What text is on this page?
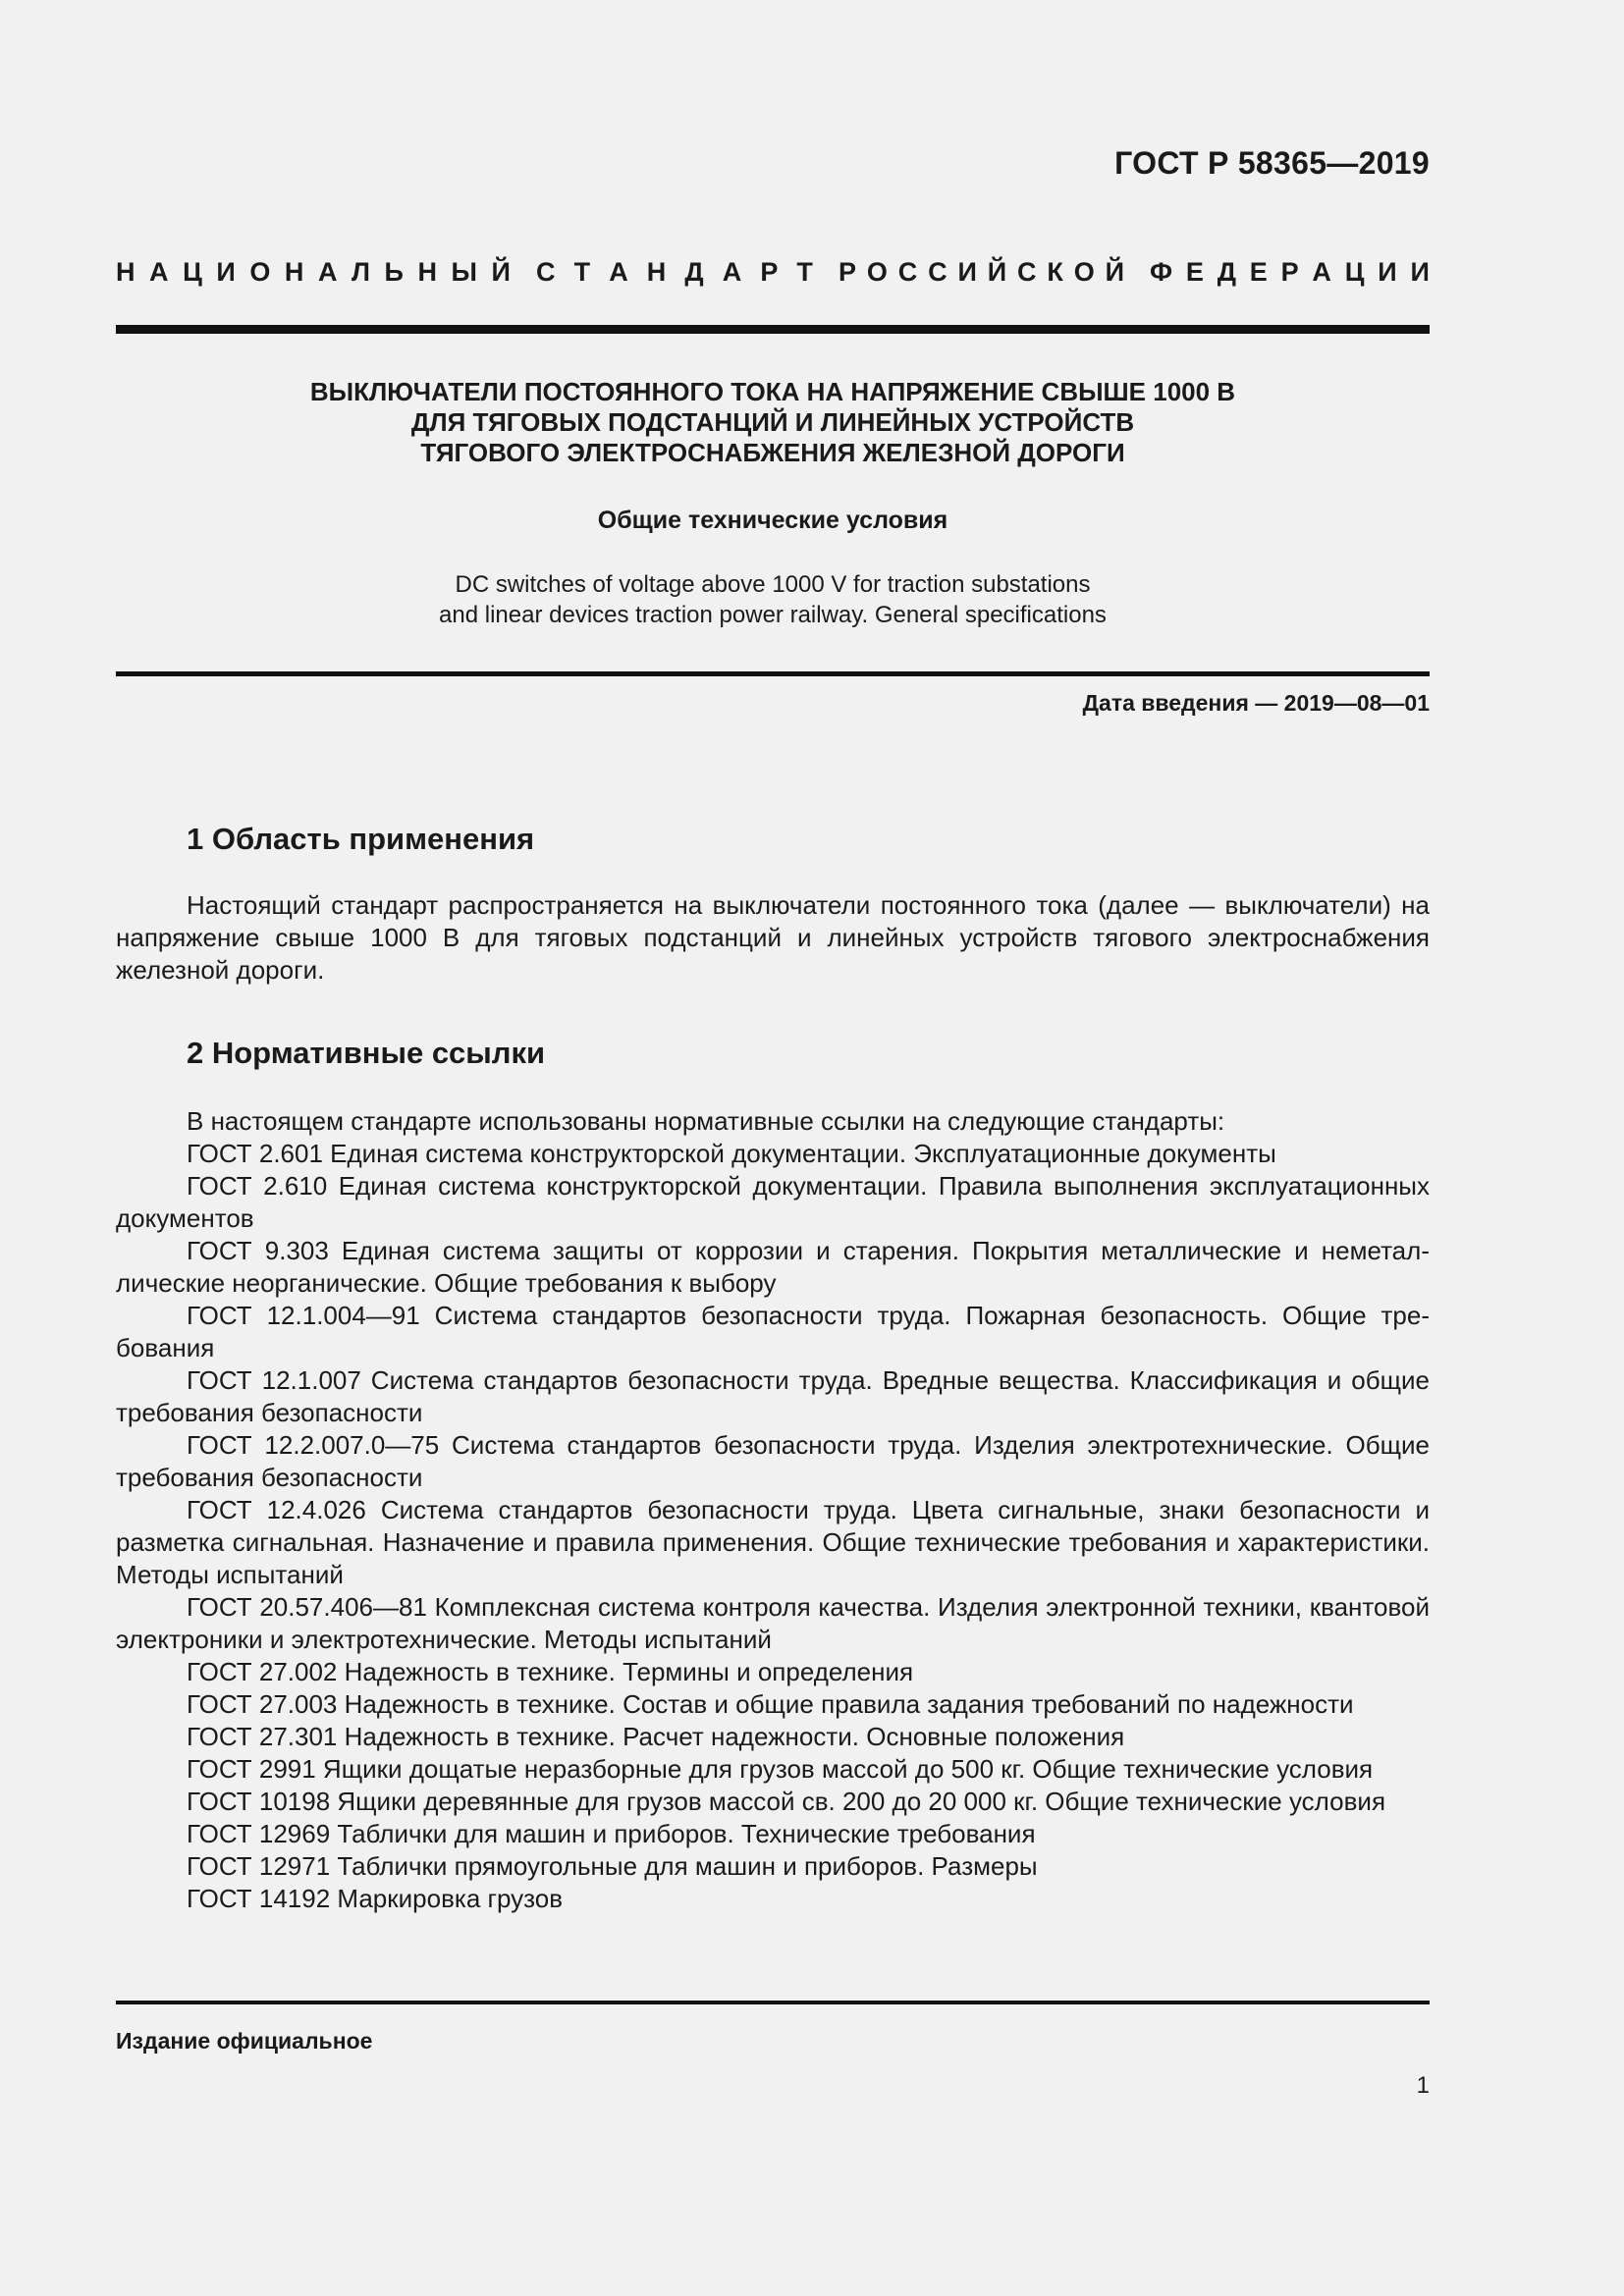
ГОСТ Р 58365—2019
Н А Ц И О Н А Л Ь Н Ы Й С Т А Н Д А Р Т Р О С С И Й С К О Й Ф Е Д Е Р А Ц И И
ВЫКЛЮЧАТЕЛИ ПОСТОЯННОГО ТОКА НА НАПРЯЖЕНИЕ СВЫШЕ 1000 В
ДЛЯ ТЯГОВЫХ ПОДСТАНЦИЙ И ЛИНЕЙНЫХ УСТРОЙСТВ
ТЯГОВОГО ЭЛЕКТРОСНАБЖЕНИЯ ЖЕЛЕЗНОЙ ДОРОГИ
Общие технические условия
DC switches of voltage above 1000 V for traction substations
and linear devices traction power railway. General specifications
Дата введения — 2019—08—01
1 Область применения
Настоящий стандарт распространяется на выключатели постоянного тока (далее — выключатели) на напряжение свыше 1000 В для тяговых подстанций и линейных устройств тягового электроснабжения железной дороги.
2 Нормативные ссылки
В настоящем стандарте использованы нормативные ссылки на следующие стандарты:
ГОСТ 2.601 Единая система конструкторской документации. Эксплуатационные документы
ГОСТ 2.610 Единая система конструкторской документации. Правила выполнения эксплуатационных документов
ГОСТ 9.303 Единая система защиты от коррозии и старения. Покрытия металлические и неметаллические неорганические. Общие требования к выбору
ГОСТ 12.1.004—91 Система стандартов безопасности труда. Пожарная безопасность. Общие требования
ГОСТ 12.1.007 Система стандартов безопасности труда. Вредные вещества. Классификация и общие требования безопасности
ГОСТ 12.2.007.0—75 Система стандартов безопасности труда. Изделия электротехнические. Общие требования безопасности
ГОСТ 12.4.026 Система стандартов безопасности труда. Цвета сигнальные, знаки безопасности и разметка сигнальная. Назначение и правила применения. Общие технические требования и характеристики. Методы испытаний
ГОСТ 20.57.406—81 Комплексная система контроля качества. Изделия электронной техники, квантовой электроники и электротехнические. Методы испытаний
ГОСТ 27.002 Надежность в технике. Термины и определения
ГОСТ 27.003 Надежность в технике. Состав и общие правила задания требований по надежности
ГОСТ 27.301 Надежность в технике. Расчет надежности. Основные положения
ГОСТ 2991 Ящики дощатые неразборные для грузов массой до 500 кг. Общие технические условия
ГОСТ 10198 Ящики деревянные для грузов массой св. 200 до 20 000 кг. Общие технические условия
ГОСТ 12969 Таблички для машин и приборов. Технические требования
ГОСТ 12971 Таблички прямоугольные для машин и приборов. Размеры
ГОСТ 14192 Маркировка грузов
Издание официальное
1
